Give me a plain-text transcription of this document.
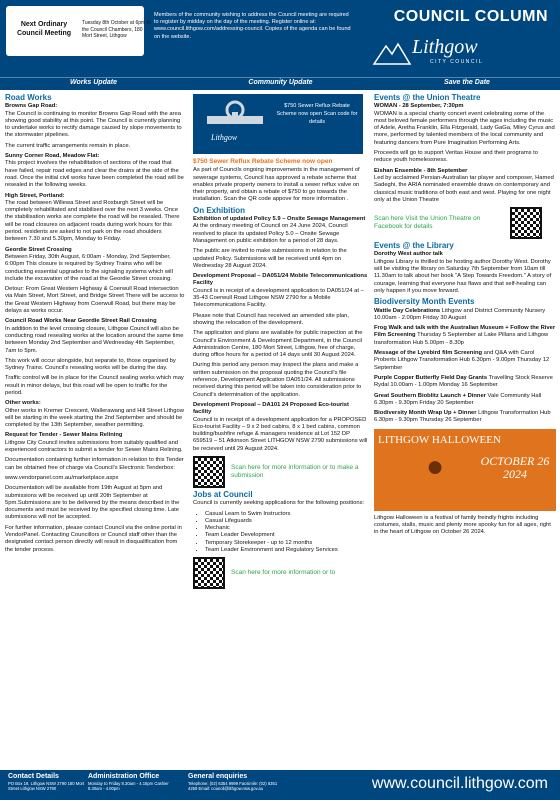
Next Ordinary Council Meeting
Tuesday 8th October at 6pm In the Council Chambers, 180 Mort Street, Lithgow
Members of the community wishing to address the Council meeting are required to register by midday on the day of the meeting. Register online at: www.council.lithgow.com/addressing-council. Copies of the agenda can be found on the website.
COUNCIL COLUMN
Lithgow
CITY COUNCIL
Works Update	Community Update	Save the Date
Road Works
Browns Gap Road:

The Council is continuing to monitor Browns Gap Road with the area showing good stability at this point. The Council is currently planning to undertake works to rectify damage caused by slope movements to the stormwater pipelines.

The current traffic arrangements remain in place.

Sunny Corner Road, Meadow Flat:

This project involves the rehabilitation of sections of the road that have failed, repair road edges and clear the drains at the side of the road. Once the initial civil works have been completed the road will be resealed in the following weeks.

High Street, Portland:

The road between Willewa Street and Roxburgh Street will be completely rehabilitated and stabilised over the next 3 weeks. Once the stabilisation works are complete the road will be resealed. There will be road closures on adjacent roads during work hours for this period. residents are asked to not park on the road shoulders between 7.30 and 5.30pm, Monday to Friday.

Geordie Street Crossing

Between Friday, 30th August, 6:00am - Monday, 2nd September, 6:00pm This closure is required by Sydney Trains who will be conducting essential upgrades to the signaling systems which will include the excavation of the road at the Geordie Street crossing.

Detour: From Great Western Highway & Coerwull Road intersection via Main Street, Mort Street, and Bridge Street There will be access to the Great Western Highway from Coerwull Road, but there may be delays as works occur.

Council Road Works Near Geordie Street Rail Crossing

In addition to the level crossing closure, Lithgow Council will also be conducting road resealing works at the location around the same time between Monday 2nd September and Wednesday 4th September, 7am to 5pm.

This work will occur alongside, but separate to, those organised by Sydney Trains. Council's resealing works will be during the day.

Traffic control will be in place for the Council sealing works which may result in minor delays, but this road will be open to traffic for the period.

Other works:

Other works in Kremer Crescent, Wallerawang and Hill Street Lithgow will be starting in the week starting the 2nd September and should be completed by the 13th September, weather permitting.

Request for Tender - Sewer Mains Relining

Lithgow City Council invites submissions from suitably qualified and experienced contractors to submit a tender for Sewer Mains Relining.

Documentation containing further information in relation to this Tender can be obtained free of charge via Council's Electronic Tenderbox:

www.vendorpanel.com.au/marketplace.aspx

Documentation will be available from 19th August at 5pm and submissions will be received up until 20th September at 5pm.Submissions are to be delivered by the means described in the documents and must be received by the specified closing time. Late submissions will not be accepted.

For further information, please contact Council via the online portal in VendorPanel. Contacting Councillors or Council staff other than the designated contact person directly will result in disqualification from the tender process.

$750 Sewer Reflux Rebate Scheme now open Scan code for details
Lithgow
$750 Sewer Reflux Rebate Scheme now open

As part of Councils ongoing improvements in the management of sewerage systems, Council has approved a rebate scheme that enables private property owners to install a sewer reflux valve on their property, and obtain a rebate of $750 to go towards the installation. Scan the QR code appove for more information .

On Exhibition
Exhibition of updated Policy 5.9 – Onsite Sewage Management

At the ordinary meeting of Council on 24 June 2024, Council resolved to place its updated Policy 5.0 – Onsite Sewage Management on public exhibition for a period of 28 days.

The public are invited to make submissions in relation to the updated Policy. Submissions will be received until 4pm on Wednesday 28 August 2024.

Development Proposal – DA051/24 Mobile Telecommunications Facility

Council is in receipt of a development application to DA051/24 at – 35-43 Coerwull Road Lithgow NSW 2790 for a Mobile Telecommunications Facility.

Please note that Council has received an amended site plan, showing the relocation of the development.

The application and plans are available for public inspection at the Council's Environment & Development Department, in the Council Administration Centre, 180 Mort Street, Lithgow, free of charge, during office hours for a period of 14 days until 30 August 2024.

During this period any person may inspect the plans and make a written submission on the proposal quoting the Council's file reference, Development Application DA051/24. All submissions received during this period will be taken into consideration prior to Council's determination of the application.

Development Proposal – DA101 24 Proposed Eco-tourist facility

Council is in receipt of a development application for a PROPOSED Eco-tourist Facility – 9 x 2 bed cabins, 8 x 1 bed cabins, common building/bushfire refuge & managers residence at Lot 152 DP 659519 – 51 Atkinson Street LITHGOW NSW 2790 submissions will be recieved until 29 August 2024.

Scan here for more information or to make a submission
Jobs at Council

Council is currently seeking applications for the following positions:

• Casual Learn to Swim Instructors
• Casual Lifeguards
• Mechanic
• Team Leader Development
• Temporary Storekeeper - up to 12 months
• Team Leader Environment and Regulatory Services
Scan here for more information or to
Events @ the Union Theatre
WOMAN - 28 September, 7:30pm

WOMAN is a special charity concert event celebrating some of the most beloved female performers through the ages including the music of Adele, Aretha Franklin, Ella Fitzgerald, Lady GaGa, Miley Cyrus and more, performed by talented members of the local community and featuring dancers from Pure Imagination Performing Arts.

Proceeds will go to support Veritas House and their programs to reduce youth homelessness.

Eishan Ensemble - 8th September

Led by acclaimed Persian-Australian tar player and composer, Hamed Sadeghi, the ARIA nominated ensemble draws on contemporary and classical music traditions of both east and west. Playing for one night only at the Union Theatre

Scan here Visit the Union Theatre on Facebook for details
Events @ the Library
Dorothy West author talk

Lithgow Library is thrilled to be hosting author Dorothy West. Dorothy will be visiting the library on Saturday 7th September from 10am till 11.30am to talk about her book "A Step Towards Freedom." A story of courage, learning that everyone has flaws and that self-healing can only happen if you move forward.

Biodiversity Month Events

Wattle Day Celebrations Lithgow and District Community Nursery 10.00am - 2.00pm Friday 30 August

Frog Walk and talk with the Australian Museum + Follow the River Film Screening Thursday 5 September at Lake Pillans and Lithgow transformation Hub 5.00pm - 8.30p

Message of the Lyrebird film Screening and Q&A with Carol Proberts Lithgow Transformation Hub 6.30pm - 9.00pm Thursday 12 September

Purple Copper Butterfly Field Day Grants Travelling Stock Reserve Rydal 10.00am - 1.00pm Monday 16 September

Great Southern Bioblitz Launch + Dinner Vale Community Hall 6.30pm - 9.30pm Friday 20 September

Biodiversity Month Wrap Up + Dinner Lithgow Transformation Hub 6.30pm - 9.30pm Thursday 26 September

LITHGOW HALLOWEEN
●	OCTOBER 26 2024

Lithgow Halloween is a festival of family freindly frights including costumes, stalls, music and plenty more spooky fun for all ages, right in the heart of Lithgow on October 26 2024.

Contact Details
PO Box 19, Lithgow NSW 2790 180 Mort Street Lithgow NSW 2790
Administration Office
Monday to Friday 8.30am - 4.15pm Cashier 8.30am - 4.00pm
General enquiries
Telephone: (02) 6354 9999 Facsimile: (02) 6351 4259 Email: council@lithgow.nsw.gov.au	www.council.lithgow.com
